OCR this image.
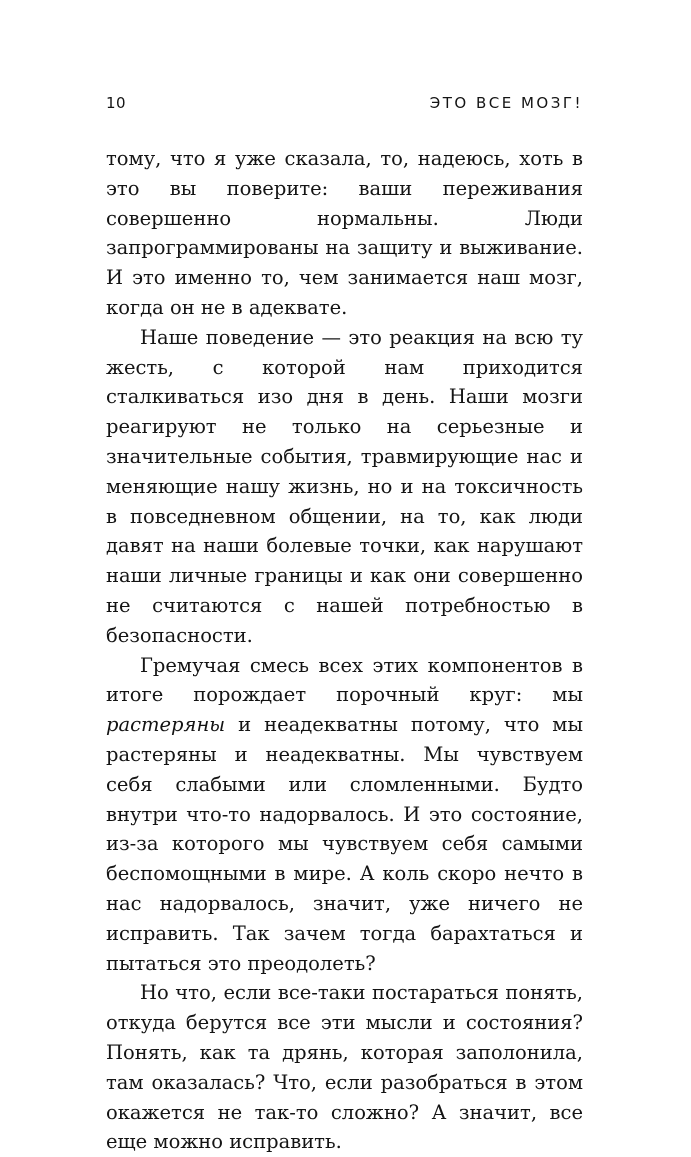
10	ЭТО ВСЕ МОЗГ!

тому, что я уже сказала, то, надеюсь, хоть в это вы поверите: ваши переживания совершенно нормальны. Люди запрограммированы на защиту и выживание. И это именно то, чем занимается наш мозг, когда он не в адеквате.

Наше поведение — это реакция на всю ту жесть, с которой нам приходится сталкиваться изо дня в день. Наши мозги реагируют не только на серьезные и значительные события, травмирующие нас и меняющие нашу жизнь, но и на токсичность в повседневном общении, на то, как люди давят на наши болевые точки, как нарушают наши личные границы и как они совершенно не считаются с нашей потребностью в безопасности.

Гремучая смесь всех этих компонентов в итоге порождает порочный круг: мы растеряны и неадекватны потому, что мы растеряны и неадекватны. Мы чувствуем себя слабыми или сломленными. Будто внутри что-то надорвалось. И это состояние, из-за которого мы чувствуем себя самыми беспомощными в мире. А коль скоро нечто в нас надорвалось, значит, уже ничего не исправить. Так зачем тогда барахтаться и пытаться это преодолеть?

Но что, если все-таки постараться понять, откуда берутся все эти мысли и состояния? Понять, как та дрянь, которая заполонила, там оказалась? Что, если разобраться в этом окажется не так-то сложно? А значит, все еще можно исправить.
